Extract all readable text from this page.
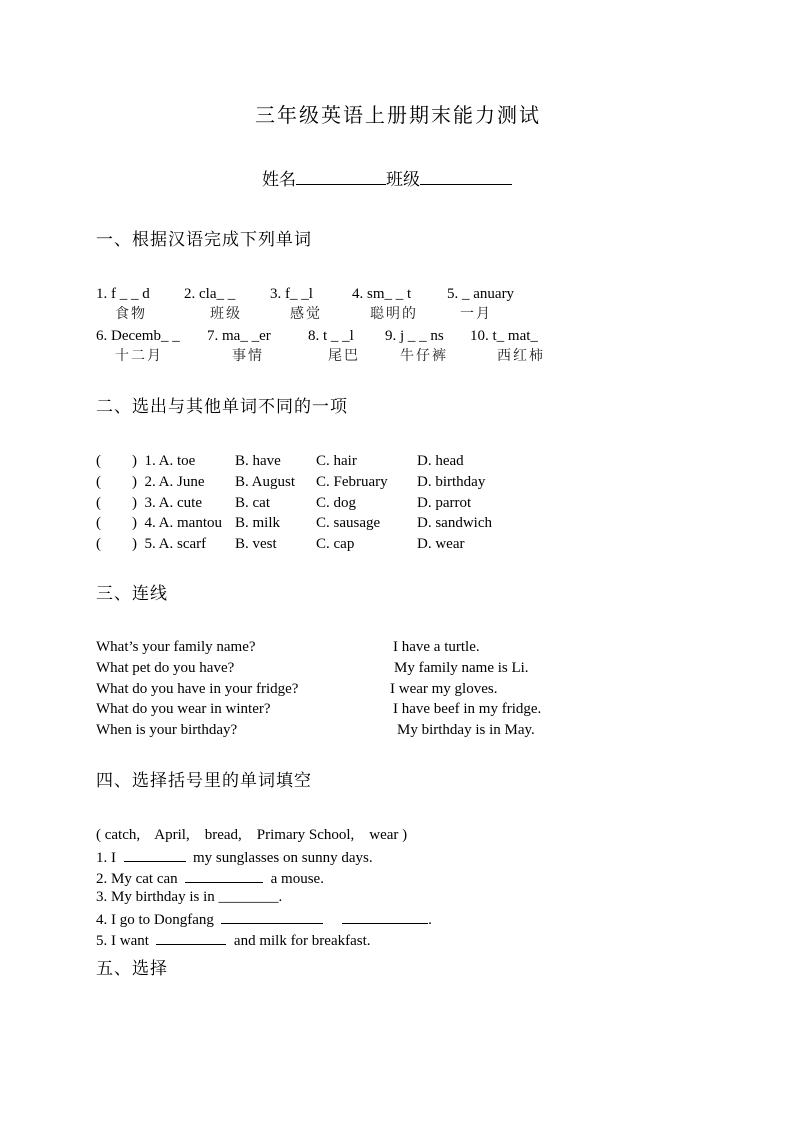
三年级英语上册期末能力测试
姓名	班级
一、根据汉语完成下列单词
1. f _ _ d 2. cla_ _ 3. f_ _l	4. sm_ _ t 5. _ anuary
食物	班级	感觉	聪明的	一月
6. Decemb_ _ 7. ma_ _er 8. t _ _l 9. j _ _ ns 10. t_ mat_
十二月	事情	尾巴	牛仔裤	西红柿
二、选出与其他单词不同的一项
( )  1. A. toe	B. have C. hair	D. head
( )  2. A. June B. August C. February D. birthday
( )  3. A. cute B. cat	C. dog	D. parrot
( )  4. A. mantou B. milk C. sausage D. sandwich
( )  5. A. scarf B. vest	C. cap	D. wear
三、连线
What’s your family name?	I have a turtle.
What pet do you have?	My family name is Li.
What do you have in your fridge?	I wear my gloves.
What do you wear in winter?	I have beef in my fridge.
When is your birthday?	My birthday is in May.
四、选择括号里的单词填空
( catch,    April,    bread,    Primary School,    wear )
1. I	my sunglasses on sunny days.
2. My cat can	a mouse.
3. My birthday is in ________.
4. I go to Dongfang	.
5. I want	and milk for breakfast.
五、选择
